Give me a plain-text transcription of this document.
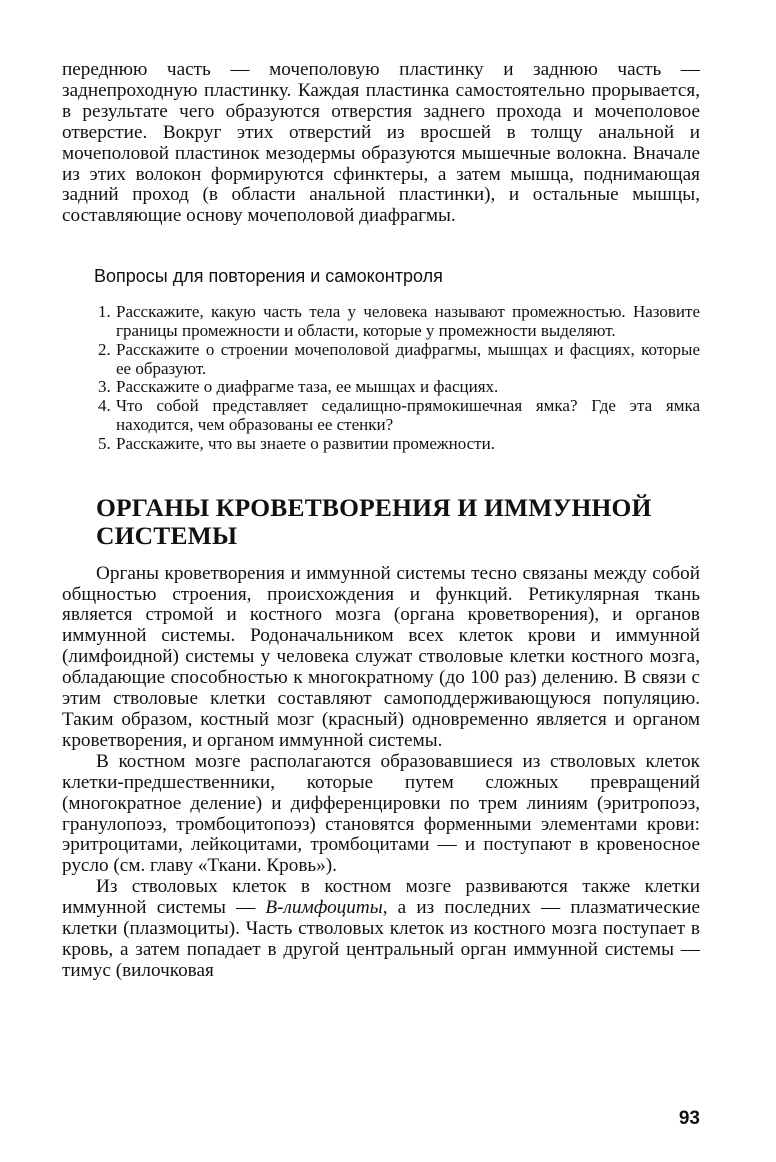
переднюю часть — мочеполовую пластинку и заднюю часть — заднепроходную пластинку. Каждая пластинка самостоятельно прорывается, в результате чего образуются отверстия заднего прохода и мочеполовое отверстие. Вокруг этих отверстий из вросшей в толщу анальной и мочеполовой пластинок мезодермы образуются мышечные волокна. Вначале из этих волокон формируются сфинктеры, а затем мышца, поднимающая задний проход (в области анальной пластинки), и остальные мышцы, составляющие основу мочеполовой диафрагмы.

Вопросы для повторения и самоконтроля
1. Расскажите, какую часть тела у человека называют промежностью. Назовите границы промежности и области, которые у промежности выделяют.
2. Расскажите о строении мочеполовой диафрагмы, мышцах и фасциях, которые ее образуют.
3. Расскажите о диафрагме таза, ее мышцах и фасциях.
4. Что собой представляет седалищно-прямокишечная ямка? Где эта ямка находится, чем образованы ее стенки?
5. Расскажите, что вы знаете о развитии промежности.
ОРГАНЫ КРОВЕТВОРЕНИЯ И ИММУННОЙ СИСТЕМЫ

Органы кроветворения и иммунной системы тесно связаны между собой общностью строения, происхождения и функций. Ретикулярная ткань является стромой и костного мозга (органа кроветворения), и органов иммунной системы. Родоначальником всех клеток крови и иммунной (лимфоидной) системы у человека служат стволовые клетки костного мозга, обладающие способностью к многократному (до 100 раз) делению. В связи с этим стволовые клетки составляют самоподдерживающуюся популяцию. Таким образом, костный мозг (красный) одновременно является и органом кроветворения, и органом иммунной системы.

В костном мозге располагаются образовавшиеся из стволовых клеток клетки-предшественники, которые путем сложных превращений (многократное деление) и дифференцировки по трем линиям (эритропоэз, гранулопоэз, тромбоцитопоэз) становятся форменными элементами крови: эритроцитами, лейкоцитами, тромбоцитами — и поступают в кровеносное русло (см. главу «Ткани. Кровь»).

Из стволовых клеток в костном мозге развиваются также клетки иммунной системы — В-лимфоциты, а из последних — плазматические клетки (плазмоциты). Часть стволовых клеток из костного мозга поступает в кровь, а затем попадает в другой центральный орган иммунной системы — тимус (вилочковая

93
